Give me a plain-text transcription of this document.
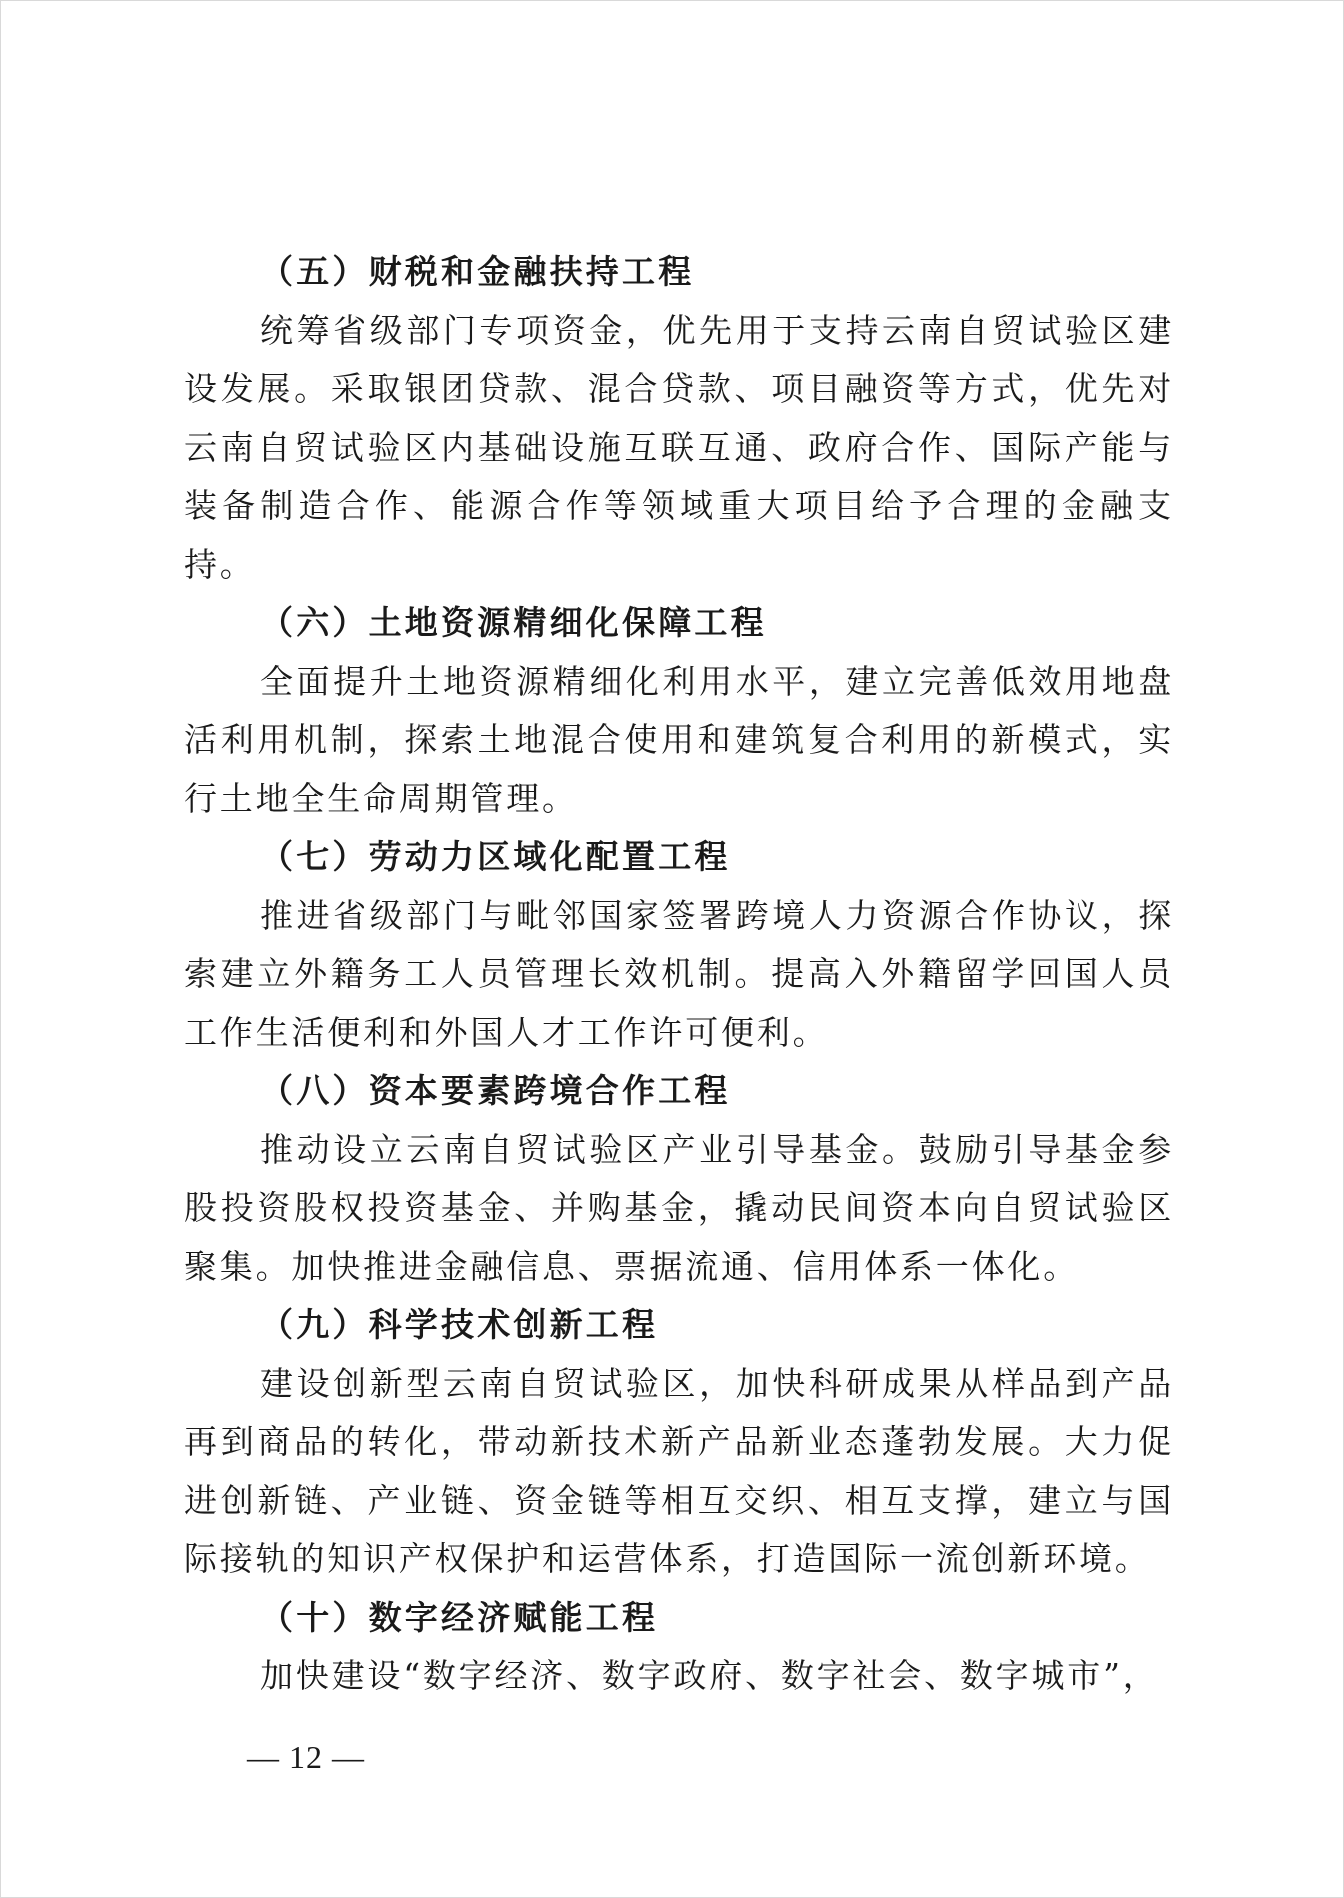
（五）财税和金融扶持工程

统筹省级部门专项资金，优先用于支持云南自贸试验区建设发展。采取银团贷款、混合贷款、项目融资等方式，优先对云南自贸试验区内基础设施互联互通、政府合作、国际产能与装备制造合作、能源合作等领域重大项目给予合理的金融支持。

（六）土地资源精细化保障工程

全面提升土地资源精细化利用水平，建立完善低效用地盘活利用机制，探索土地混合使用和建筑复合利用的新模式，实行土地全生命周期管理。

（七）劳动力区域化配置工程

推进省级部门与毗邻国家签署跨境人力资源合作协议，探索建立外籍务工人员管理长效机制。提高入外籍留学回国人员工作生活便利和外国人才工作许可便利。

（八）资本要素跨境合作工程

推动设立云南自贸试验区产业引导基金。鼓励引导基金参股投资股权投资基金、并购基金，撬动民间资本向自贸试验区聚集。加快推进金融信息、票据流通、信用体系一体化。

（九）科学技术创新工程

建设创新型云南自贸试验区，加快科研成果从样品到产品再到商品的转化，带动新技术新产品新业态蓬勃发展。大力促进创新链、产业链、资金链等相互交织、相互支撑，建立与国际接轨的知识产权保护和运营体系，打造国际一流创新环境。

（十）数字经济赋能工程

加快建设“数字经济、数字政府、数字社会、数字城市”，

— 12 —
